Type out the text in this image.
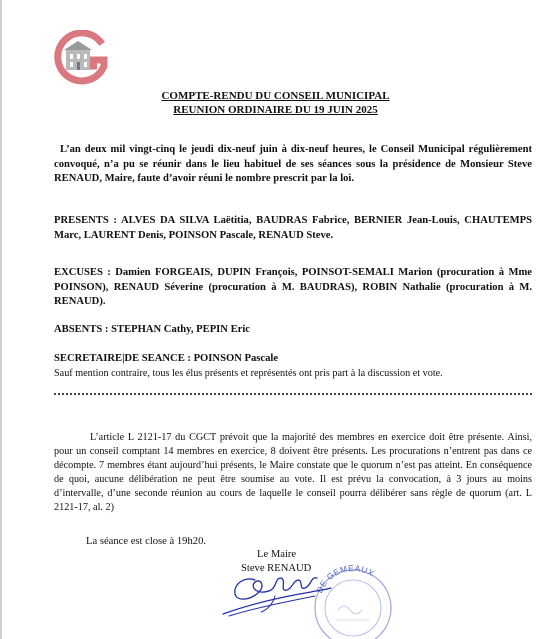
COMPTE-RENDU DU CONSEIL MUNICIPAL
REUNION ORDINAIRE DU 19 JUIN 2025

L’an deux mil vingt-cinq le jeudi dix-neuf juin à dix-neuf heures, le Conseil Municipal régulièrement convoqué, n’a pu se réunir dans le lieu habituel de ses séances sous la présidence de Monsieur Steve RENAUD, Maire, faute d’avoir réuni le nombre prescrit par la loi.

PRESENTS : ALVES DA SILVA Laëtitia, BAUDRAS Fabrice, BERNIER Jean-Louis, CHAUTEMPS Marc, LAURENT Denis, POINSON Pascale, RENAUD Steve.

EXCUSES : Damien FORGEAIS, DUPIN François, POINSOT-SEMALI Marion (procuration à Mme POINSON), RENAUD Séverine (procuration à M. BAUDRAS), ROBIN Nathalie (procuration à M. RENAUD).

ABSENTS : STEPHAN Cathy, PEPIN Eric

SECRETAIRE|DE SEANCE : POINSON Pascale

Sauf mention contraire, tous les élus présents et représentés ont pris part à la discussion et vote.

L’article L 2121-17 du CGCT prévoit que la majorité des membres en exercice doit être présente. Ainsi, pour un conseil comptant 14 membres en exercice, 8 doivent être présents. Les procurations n’entrent pas dans ce décompte. 7 membres étant aujourd’hui présents, le Maire constate que le quorum n’est pas atteint. En conséquence de quoi, aucune délibération ne peut être soumise au vote. Il est prévu la convocation, à 3 jours au moins d’intervalle, d’une seconde réunion au cours de laquelle le conseil pourra délibérer sans règle de quorum (art. L 2121-17, al. 2)

La séance est close à 19h20.
Le Maire
Steve RENAUD
DE GEMEAUX
